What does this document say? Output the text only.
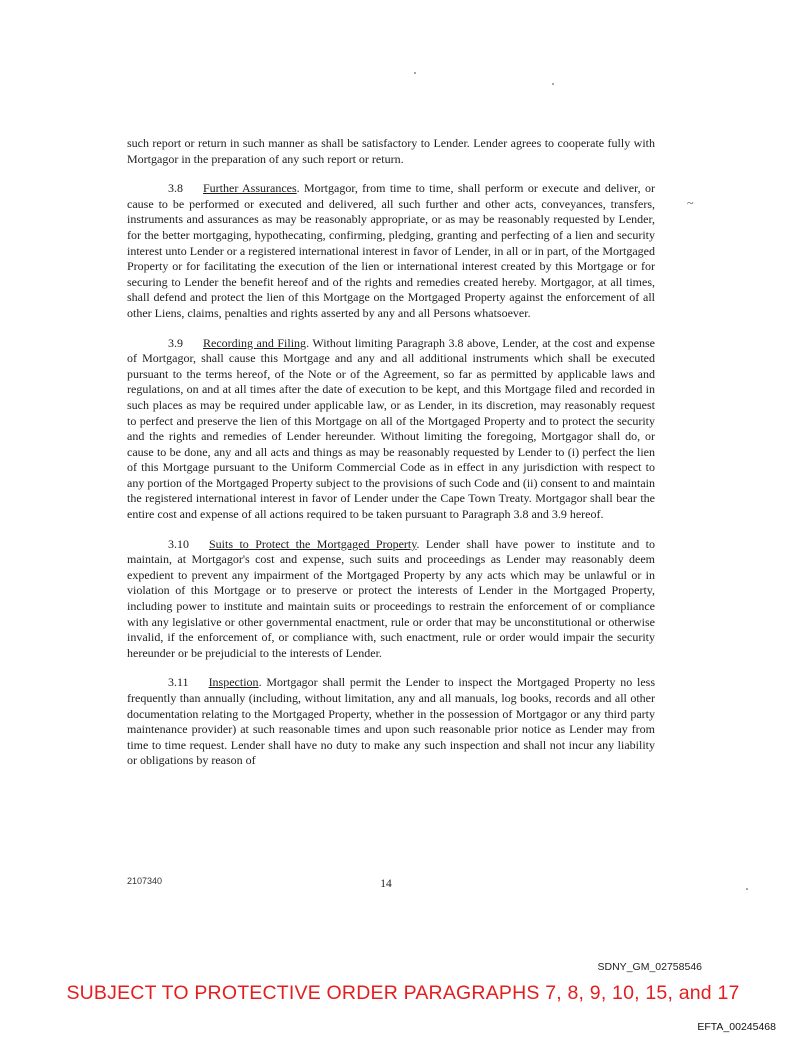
such report or return in such manner as shall be satisfactory to Lender. Lender agrees to cooperate fully with Mortgagor in the preparation of any such report or return.

3.8 Further Assurances. Mortgagor, from time to time, shall perform or execute and deliver, or cause to be performed or executed and delivered, all such further and other acts, conveyances, transfers, instruments and assurances as may be reasonably appropriate, or as may be reasonably requested by Lender, for the better mortgaging, hypothecating, confirming, pledging, granting and perfecting of a lien and security interest unto Lender or a registered international interest in favor of Lender, in all or in part, of the Mortgaged Property or for facilitating the execution of the lien or international interest created by this Mortgage or for securing to Lender the benefit hereof and of the rights and remedies created hereby. Mortgagor, at all times, shall defend and protect the lien of this Mortgage on the Mortgaged Property against the enforcement of all other Liens, claims, penalties and rights asserted by any and all Persons whatsoever.

3.9 Recording and Filing. Without limiting Paragraph 3.8 above, Lender, at the cost and expense of Mortgagor, shall cause this Mortgage and any and all additional instruments which shall be executed pursuant to the terms hereof, of the Note or of the Agreement, so far as permitted by applicable laws and regulations, on and at all times after the date of execution to be kept, and this Mortgage filed and recorded in such places as may be required under applicable law, or as Lender, in its discretion, may reasonably request to perfect and preserve the lien of this Mortgage on all of the Mortgaged Property and to protect the security and the rights and remedies of Lender hereunder. Without limiting the foregoing, Mortgagor shall do, or cause to be done, any and all acts and things as may be reasonably requested by Lender to (i) perfect the lien of this Mortgage pursuant to the Uniform Commercial Code as in effect in any jurisdiction with respect to any portion of the Mortgaged Property subject to the provisions of such Code and (ii) consent to and maintain the registered international interest in favor of Lender under the Cape Town Treaty. Mortgagor shall bear the entire cost and expense of all actions required to be taken pursuant to Paragraph 3.8 and 3.9 hereof.

3.10 Suits to Protect the Mortgaged Property. Lender shall have power to institute and to maintain, at Mortgagor's cost and expense, such suits and proceedings as Lender may reasonably deem expedient to prevent any impairment of the Mortgaged Property by any acts which may be unlawful or in violation of this Mortgage or to preserve or protect the interests of Lender in the Mortgaged Property, including power to institute and maintain suits or proceedings to restrain the enforcement of or compliance with any legislative or other governmental enactment, rule or order that may be unconstitutional or otherwise invalid, if the enforcement of, or compliance with, such enactment, rule or order would impair the security hereunder or be prejudicial to the interests of Lender.

3.11 Inspection. Mortgagor shall permit the Lender to inspect the Mortgaged Property no less frequently than annually (including, without limitation, any and all manuals, log books, records and all other documentation relating to the Mortgaged Property, whether in the possession of Mortgagor or any third party maintenance provider) at such reasonable times and upon such reasonable prior notice as Lender may from time to time request. Lender shall have no duty to make any such inspection and shall not incur any liability or obligations by reason of

~
2107340	14
SDNY_GM_02758546
SUBJECT TO PROTECTIVE ORDER PARAGRAPHS 7, 8, 9, 10, 15, and 17
EFTA_00245468
